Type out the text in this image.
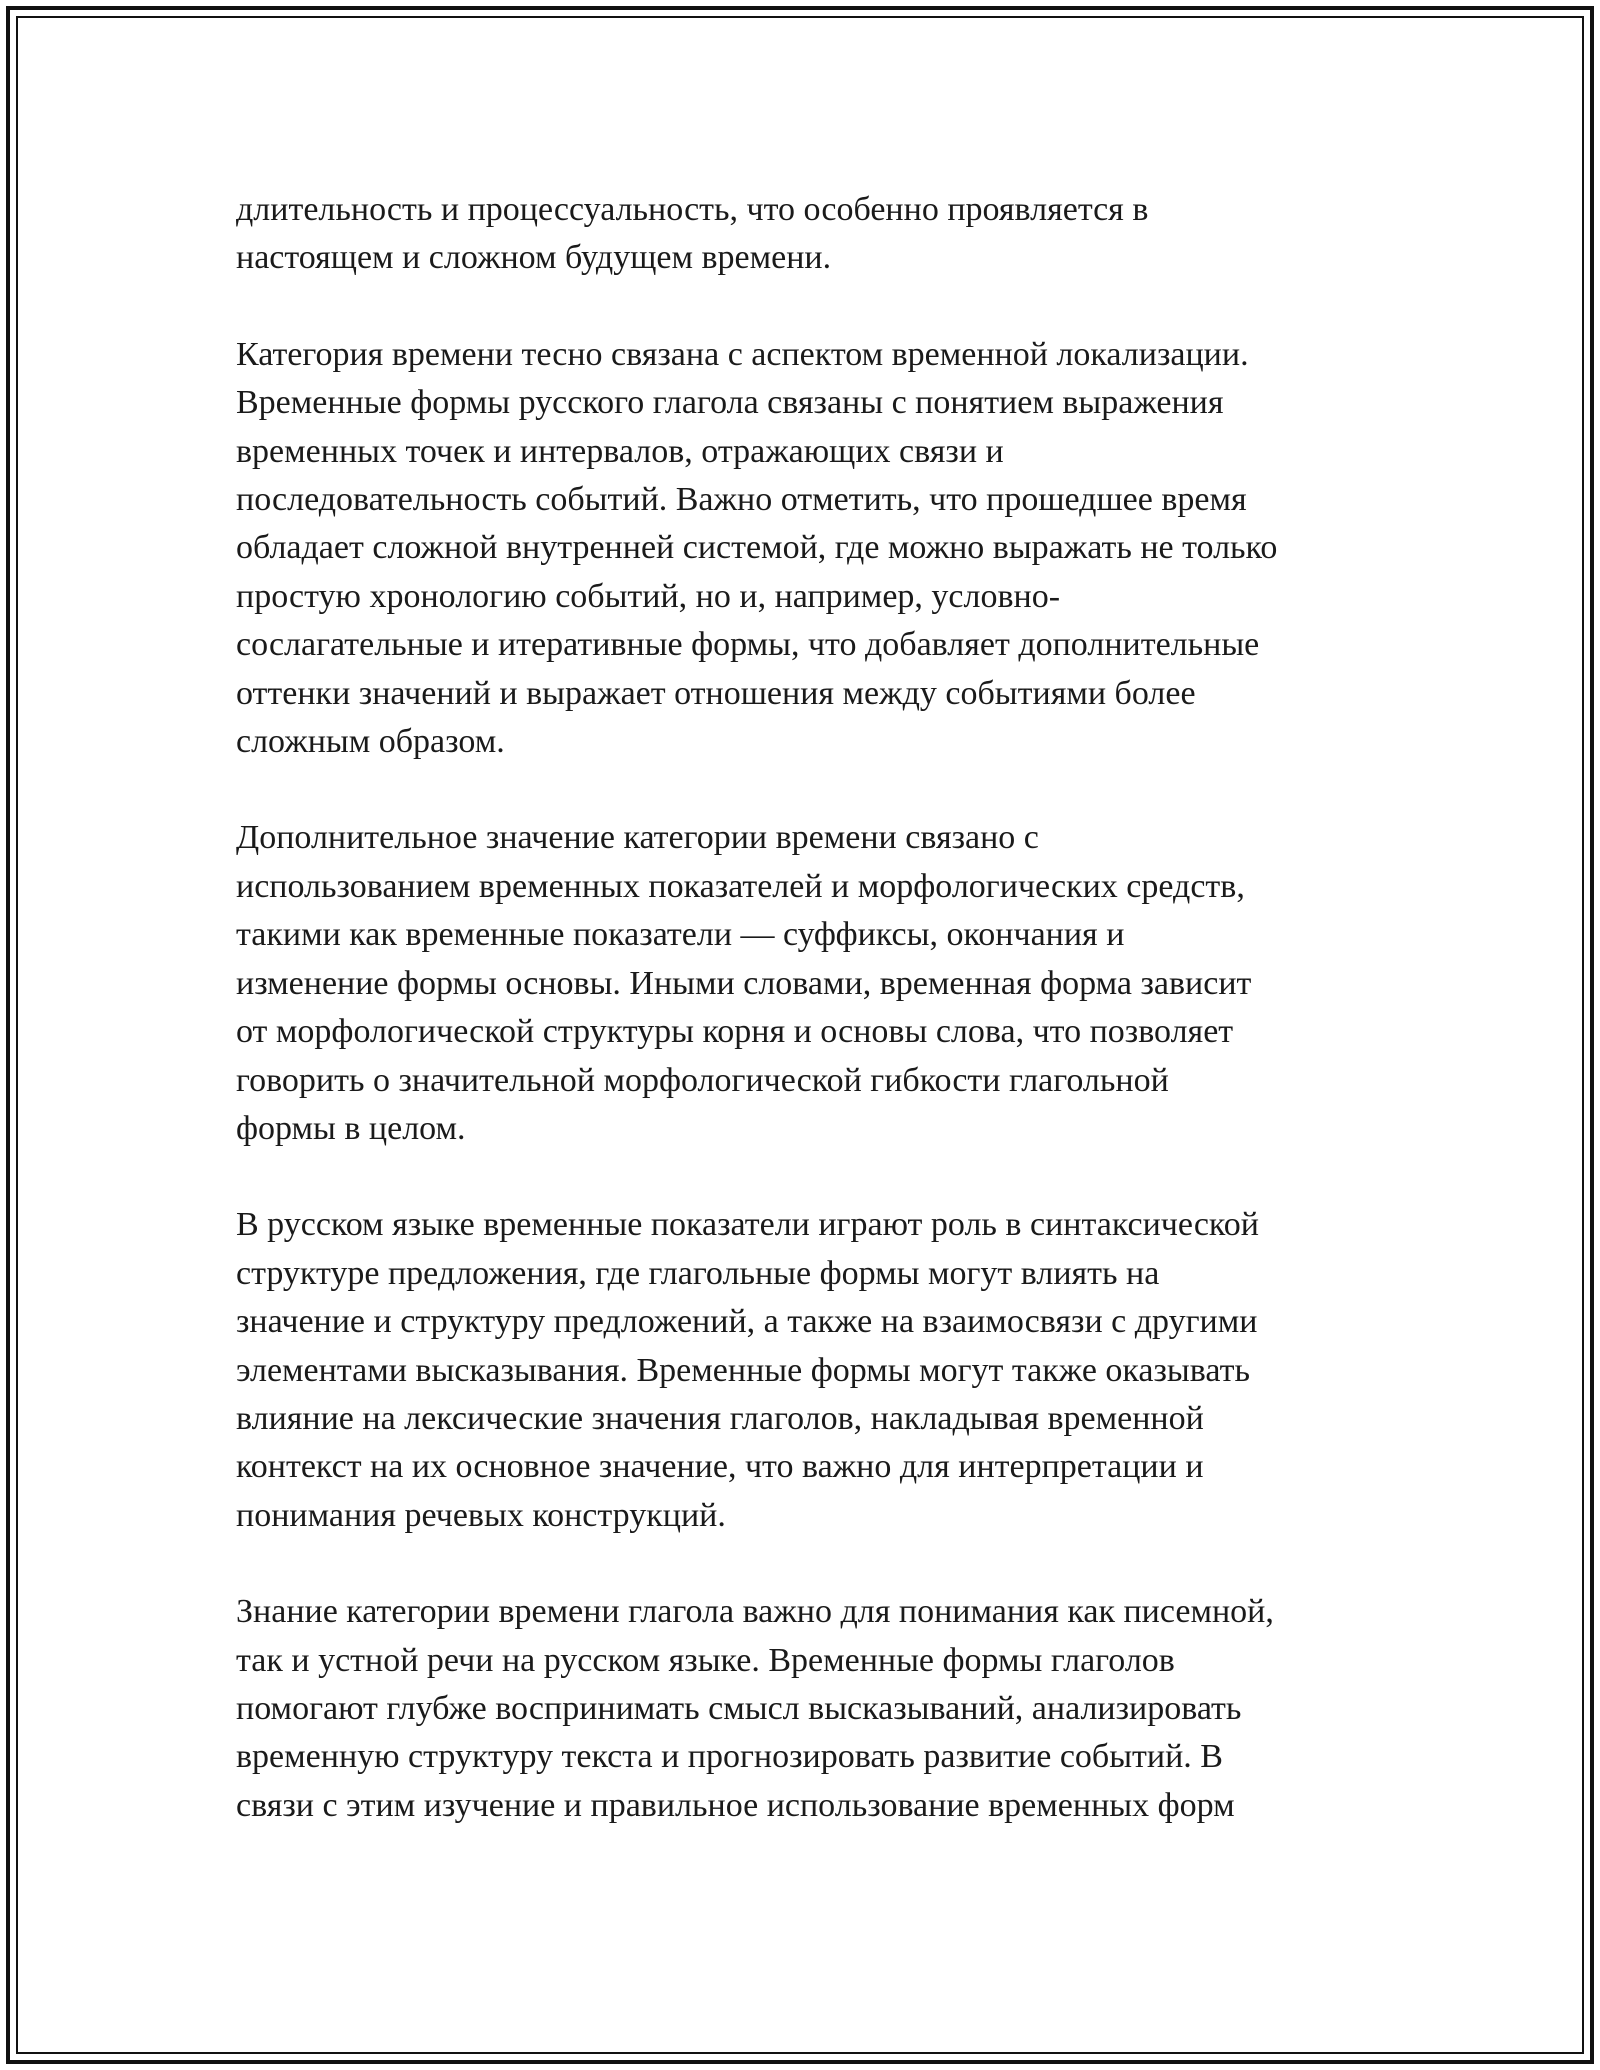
длительность и процессуальность, что особенно проявляется в
настоящем и сложном будущем времени.

Категория времени тесно связана с аспектом временной локализации.
Временные формы русского глагола связаны с понятием выражения
временных точек и интервалов, отражающих связи и
последовательность событий. Важно отметить, что прошедшее время
обладает сложной внутренней системой, где можно выражать не только
простую хронологию событий, но и, например, условно-
сослагательные и итеративные формы, что добавляет дополнительные
оттенки значений и выражает отношения между событиями более
сложным образом.

Дополнительное значение категории времени связано с
использованием временных показателей и морфологических средств,
такими как временные показатели — суффиксы, окончания и
изменение формы основы. Иными словами, временная форма зависит
от морфологической структуры корня и основы слова, что позволяет
говорить о значительной морфологической гибкости глагольной
формы в целом.

В русском языке временные показатели играют роль в синтаксической
структуре предложения, где глагольные формы могут влиять на
значение и структуру предложений, а также на взаимосвязи с другими
элементами высказывания. Временные формы могут также оказывать
влияние на лексические значения глаголов, накладывая временной
контекст на их основное значение, что важно для интерпретации и
понимания речевых конструкций.

Знание категории времени глагола важно для понимания как писемной,
так и устной речи на русском языке. Временные формы глаголов
помогают глубже воспринимать смысл высказываний, анализировать
временную структуру текста и прогнозировать развитие событий. В
связи с этим изучение и правильное использование временных форм
